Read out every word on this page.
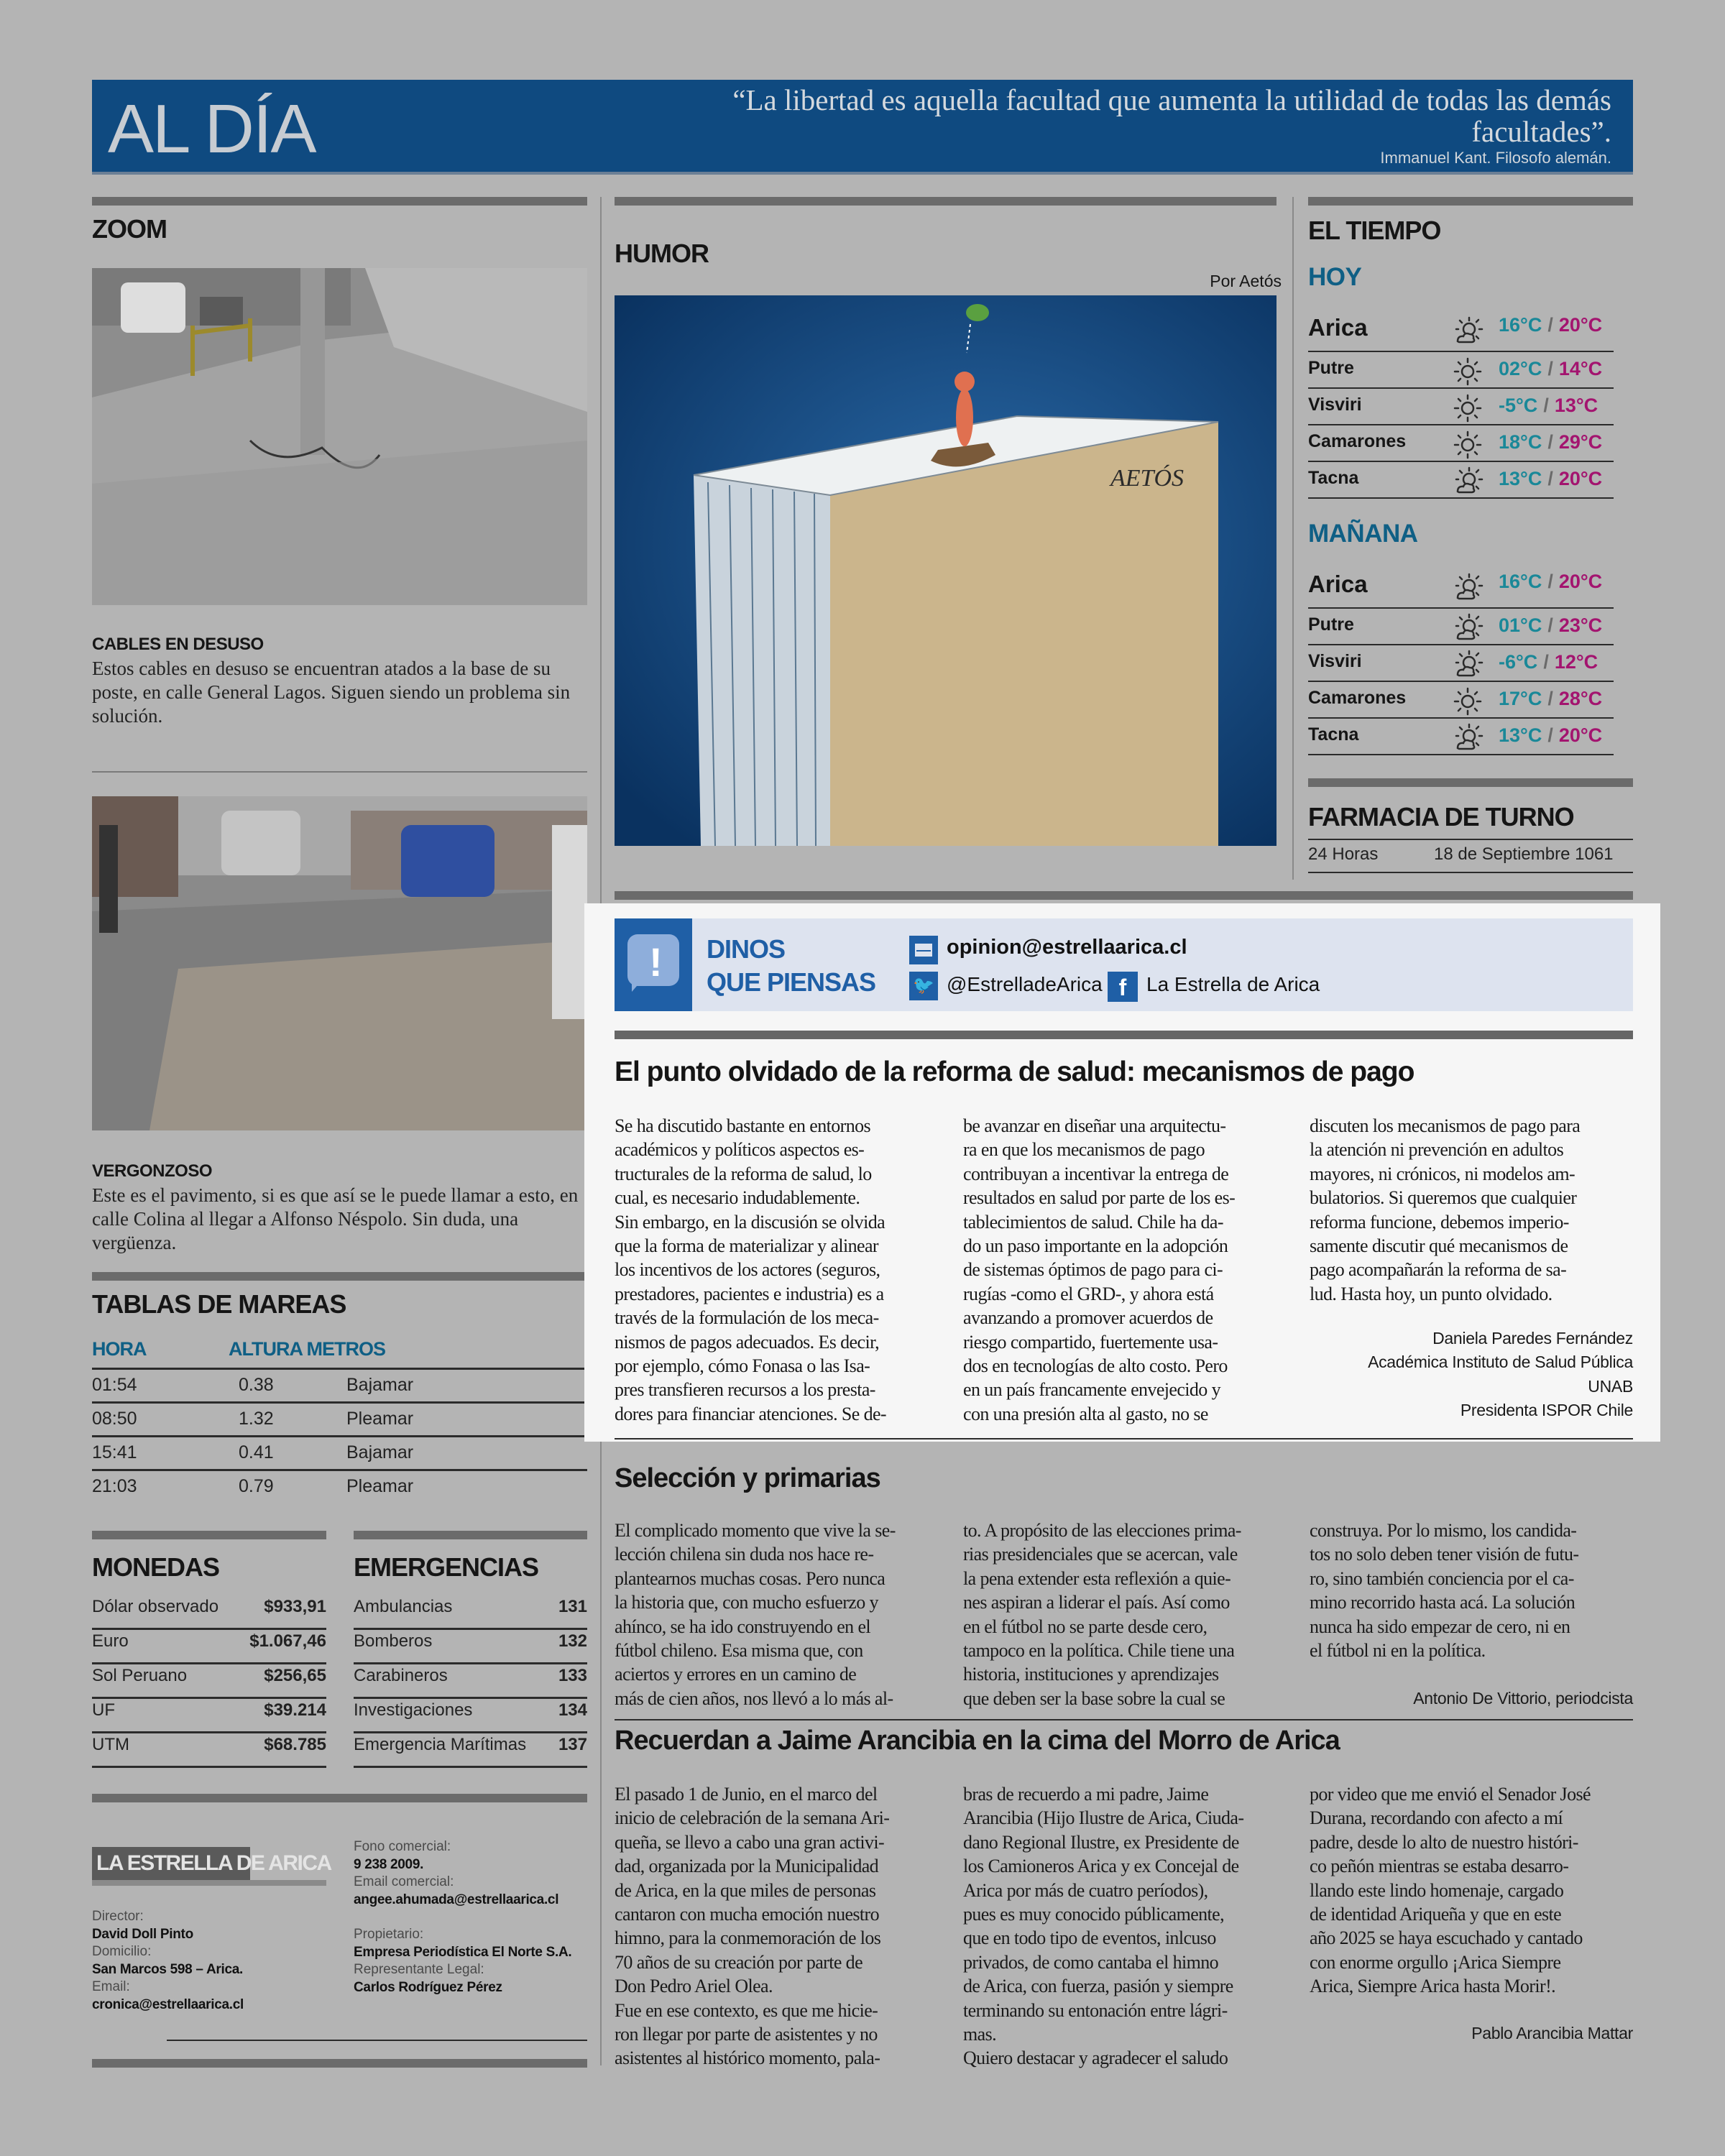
AL DÍA	“La libertad es aquella facultad que aumenta la utilidad de todas las demás facultades”.
Immanuel Kant. Filosofo alemán.
ZOOM
CABLES EN DESUSO
Estos cables en desuso se encuentran atados a la base de su poste, en calle General Lagos. Siguen siendo un problema sin solución.
VERGONZOSO
Este es el pavimento, si es que así se le puede llamar a esto, en calle Colina al llegar a Alfonso Néspolo. Sin duda, una vergüenza.
TABLAS DE MAREAS
HORA	ALTURA METROS
01:54	0.38	Bajamar
08:50	1.32	Pleamar
15:41	0.41	Bajamar
21:03	0.79	Pleamar
MONEDAS	EMERGENCIAS
Dólar observado	$933,91
Euro	$1.067,46
Sol Peruano	$256,65
UF	$39.214
UTM	$68.785
Ambulancias	131
Bomberos	132
Carabineros	133
Investigaciones	134
Emergencia Marítimas	137
LA ESTRELLA DE ARICA
Director:
David Doll Pinto
Domicilio:
San Marcos 598 – Arica.
Email:
cronica@estrellaarica.cl
Fono comercial:
9 238 2009.
Email comercial:
angee.ahumada@estrellaarica.cl
Propietario:
Empresa Periodística El Norte S.A.
Representante Legal:
Carlos Rodríguez Pérez
HUMOR
Por Aetós
AETÓS
! DINOS
QUE PIENSAS
opinion@estrellaarica.cl
🐦 @EstrelladeArica f La Estrella de Arica
El punto olvidado de la reforma de salud: mecanismos de pago
Se ha discutido bastante en entornos
académicos y políticos aspectos es-
tructurales de la reforma de salud, lo
cual, es necesario indudablemente.
Sin embargo, en la discusión se olvida
que la forma de materializar y alinear
los incentivos de los actores (seguros,
prestadores, pacientes e industria) es a
través de la formulación de los meca-
nismos de pagos adecuados. Es decir,
por ejemplo, cómo Fonasa o las Isa-
pres transfieren recursos a los presta-
dores para financiar atenciones. Se de-
be avanzar en diseñar una arquitectu-
ra en que los mecanismos de pago
contribuyan a incentivar la entrega de
resultados en salud por parte de los es-
tablecimientos de salud. Chile ha da-
do un paso importante en la adopción
de sistemas óptimos de pago para ci-
rugías -como el GRD-, y ahora está
avanzando a promover acuerdos de
riesgo compartido, fuertemente usa-
dos en tecnologías de alto costo. Pero
en un país francamente envejecido y
con una presión alta al gasto, no se
discuten los mecanismos de pago para
la atención ni prevención en adultos
mayores, ni crónicos, ni modelos am-
bulatorios. Si queremos que cualquier
reforma funcione, debemos imperio-
samente discutir qué mecanismos de
pago acompañarán la reforma de sa-
lud. Hasta hoy, un punto olvidado.
Daniela Paredes Fernández
Académica Instituto de Salud Pública
UNAB
Presidenta ISPOR Chile
Selección y primarias
El complicado momento que vive la se-
lección chilena sin duda nos hace re-
plantearnos muchas cosas. Pero nunca
la historia que, con mucho esfuerzo y
ahínco, se ha ido construyendo en el
fútbol chileno. Esa misma que, con
aciertos y errores en un camino de
más de cien años, nos llevó a lo más al-
to. A propósito de las elecciones prima-
rias presidenciales que se acercan, vale
la pena extender esta reflexión a quie-
nes aspiran a liderar el país. Así como
en el fútbol no se parte desde cero,
tampoco en la política. Chile tiene una
historia, instituciones y aprendizajes
que deben ser la base sobre la cual se
construya. Por lo mismo, los candida-
tos no solo deben tener visión de futu-
ro, sino también conciencia por el ca-
mino recorrido hasta acá. La solución
nunca ha sido empezar de cero, ni en
el fútbol ni en la política.
Antonio De Vittorio, periodcista
Recuerdan a Jaime Arancibia en la cima del Morro de Arica
El pasado 1 de Junio, en el marco del
inicio de celebración de la semana Ari-
queña, se llevo a cabo una gran activi-
dad, organizada por la Municipalidad
de Arica, en la que miles de personas
cantaron con mucha emoción nuestro
himno, para la conmemoración de los
70 años de su creación por parte de
Don Pedro Ariel Olea.
Fue en ese contexto, es que me hicie-
ron llegar por parte de asistentes y no
asistentes al histórico momento, pala-
bras de recuerdo a mi padre, Jaime
Arancibia (Hijo Ilustre de Arica, Ciuda-
dano Regional Ilustre, ex Presidente de
los Camioneros Arica y ex Concejal de
Arica por más de cuatro períodos),
pues es muy conocido públicamente,
que en todo tipo de eventos, inlcuso
privados, de como cantaba el himno
de Arica, con fuerza, pasión y siempre
terminando su entonación entre lágri-
mas.
Quiero destacar y agradecer el saludo
por video que me envió el Senador José
Durana, recordando con afecto a mí
padre, desde lo alto de nuestro históri-
co peñón mientras se estaba desarro-
llando este lindo homenaje, cargado
de identidad Ariqueña y que en este
año 2025 se haya escuchado y cantado
con enorme orgullo ¡Arica Siempre
Arica, Siempre Arica hasta Morir!.
Pablo Arancibia Mattar
EL TIEMPO
HOY
Arica	16°C / 20°C
Putre	02°C / 14°C
Visviri	-5°C / 13°C
Camarones	18°C / 29°C
Tacna	13°C / 20°C
MAÑANA
Arica	16°C / 20°C
Putre	01°C / 23°C
Visviri	-6°C / 12°C
Camarones	17°C / 28°C
Tacna	13°C / 20°C
FARMACIA DE TURNO
24 Horas	18 de Septiembre 1061
